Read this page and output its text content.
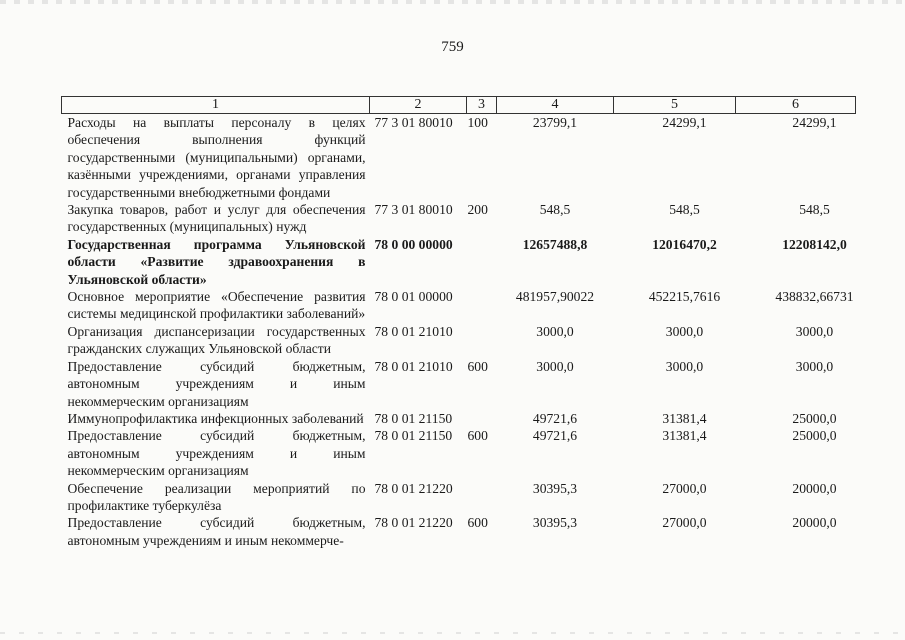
759
1	2	3	4	5	6
Расходы на выплаты персоналу в целях обеспечения выполнения функций государственными (муниципальными) органами, казёнными учреждениями, органами управления государственными внебюджетными фондами	77 3 01 80010	100	23799,1	24299,1	24299,1
Закупка товаров, работ и услуг для обеспечения государственных (муниципальных) нужд	77 3 01 80010	200	548,5	548,5	548,5
Государственная программа Ульяновской области «Развитие здравоохранения в Ульяновской области»	78 0 00 00000		12657488,8	12016470,2	12208142,0
Основное мероприятие «Обеспечение развития системы медицинской профилактики заболеваний»	78 0 01 00000		481957,90022	452215,7616	438832,66731
Организация диспансеризации государственных гражданских служащих Ульяновской области	78 0 01 21010		3000,0	3000,0	3000,0
Предоставление субсидий бюджетным, автономным учреждениям и иным некоммерческим организациям	78 0 01 21010	600	3000,0	3000,0	3000,0
Иммунопрофилактика инфекционных заболеваний	78 0 01 21150		49721,6	31381,4	25000,0
Предоставление субсидий бюджетным, автономным учреждениям и иным некоммерческим организациям	78 0 01 21150	600	49721,6	31381,4	25000,0
Обеспечение реализации мероприятий по профилактике туберкулёза	78 0 01 21220		30395,3	27000,0	20000,0
Предоставление субсидий бюджетным, автономным учреждениям и иным некоммерче-	78 0 01 21220	600	30395,3	27000,0	20000,0
